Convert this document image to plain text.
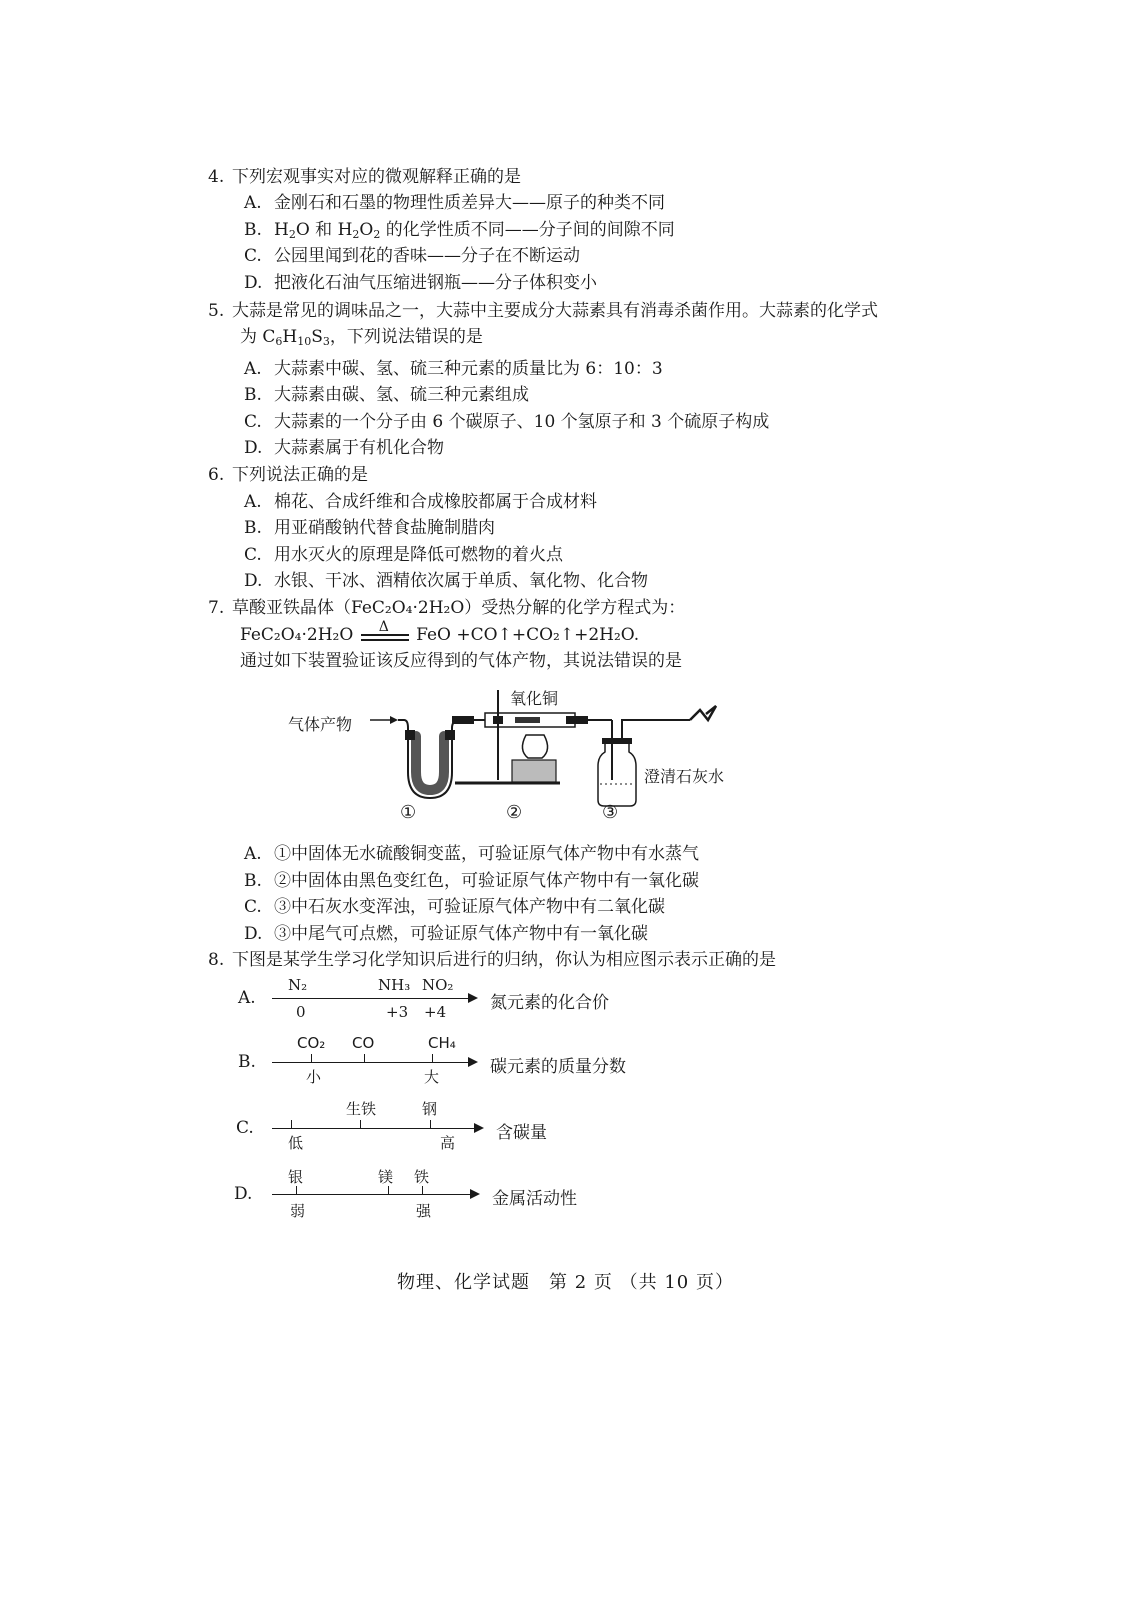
4. 下列宏观事实对应的微观解释正确的是
A. 金刚石和石墨的物理性质差异大——原子的种类不同
B. $H_2O$ 和 $H_2O_2$ 的化学性质不同——分子间的间隙不同
C. 公园里闻到花的香味——分子在不断运动
D. 把液化石油气压缩进钢瓶——分子体积变小
5. 大蒜是常见的调味品之一，大蒜中主要成分大蒜素具有消毒杀菌作用。大蒜素的化学式
为 $C_6H_{10}S_3$，下列说法错误的是
A. 大蒜素中碳、氢、硫三种元素的质量比为 6：10：3
B. 大蒜素由碳、氢、硫三种元素组成
C. 大蒜素的一个分子由 6 个碳原子、10 个氢原子和 3 个硫原子构成
D. 大蒜素属于有机化合物
6. 下列说法正确的是
A. 棉花、合成纤维和合成橡胶都属于合成材料
B. 用亚硝酸钠代替食盐腌制腊肉
C. 用水灭火的原理是降低可燃物的着火点
D. 水银、干冰、酒精依次属于单质、氧化物、化合物
7. 草酸亚铁晶体（FeC₂O₄·2H₂O）受热分解的化学方程式为：
FeC₂O₄·2H₂O Δ FeO +CO↑+CO₂↑+2H₂O.
通过如下装置验证该反应得到的气体产物，其说法错误的是
气体产物
氧化铜
澄清石灰水
①	②	③
A. ①中固体无水硫酸铜变蓝，可验证原气体产物中有水蒸气
B. ②中固体由黑色变红色，可验证原气体产物中有一氧化碳
C. ③中石灰水变浑浊，可验证原气体产物中有二氧化碳
D. ③中尾气可点燃，可验证原气体产物中有一氧化碳
8. 下图是某学生学习化学知识后进行的归纳，你认为相应图示表示正确的是
A.
N₂	NH₃ NO₂
0	+3 +4	氮元素的化合价
B.
CO₂ CO	CH₄
小	大	碳元素的质量分数
C.
生铁	钢
低	高 含碳量
D.
银	镁 铁
弱	强
金属活动性
物理、化学试题　第 2 页 （共 10 页）
